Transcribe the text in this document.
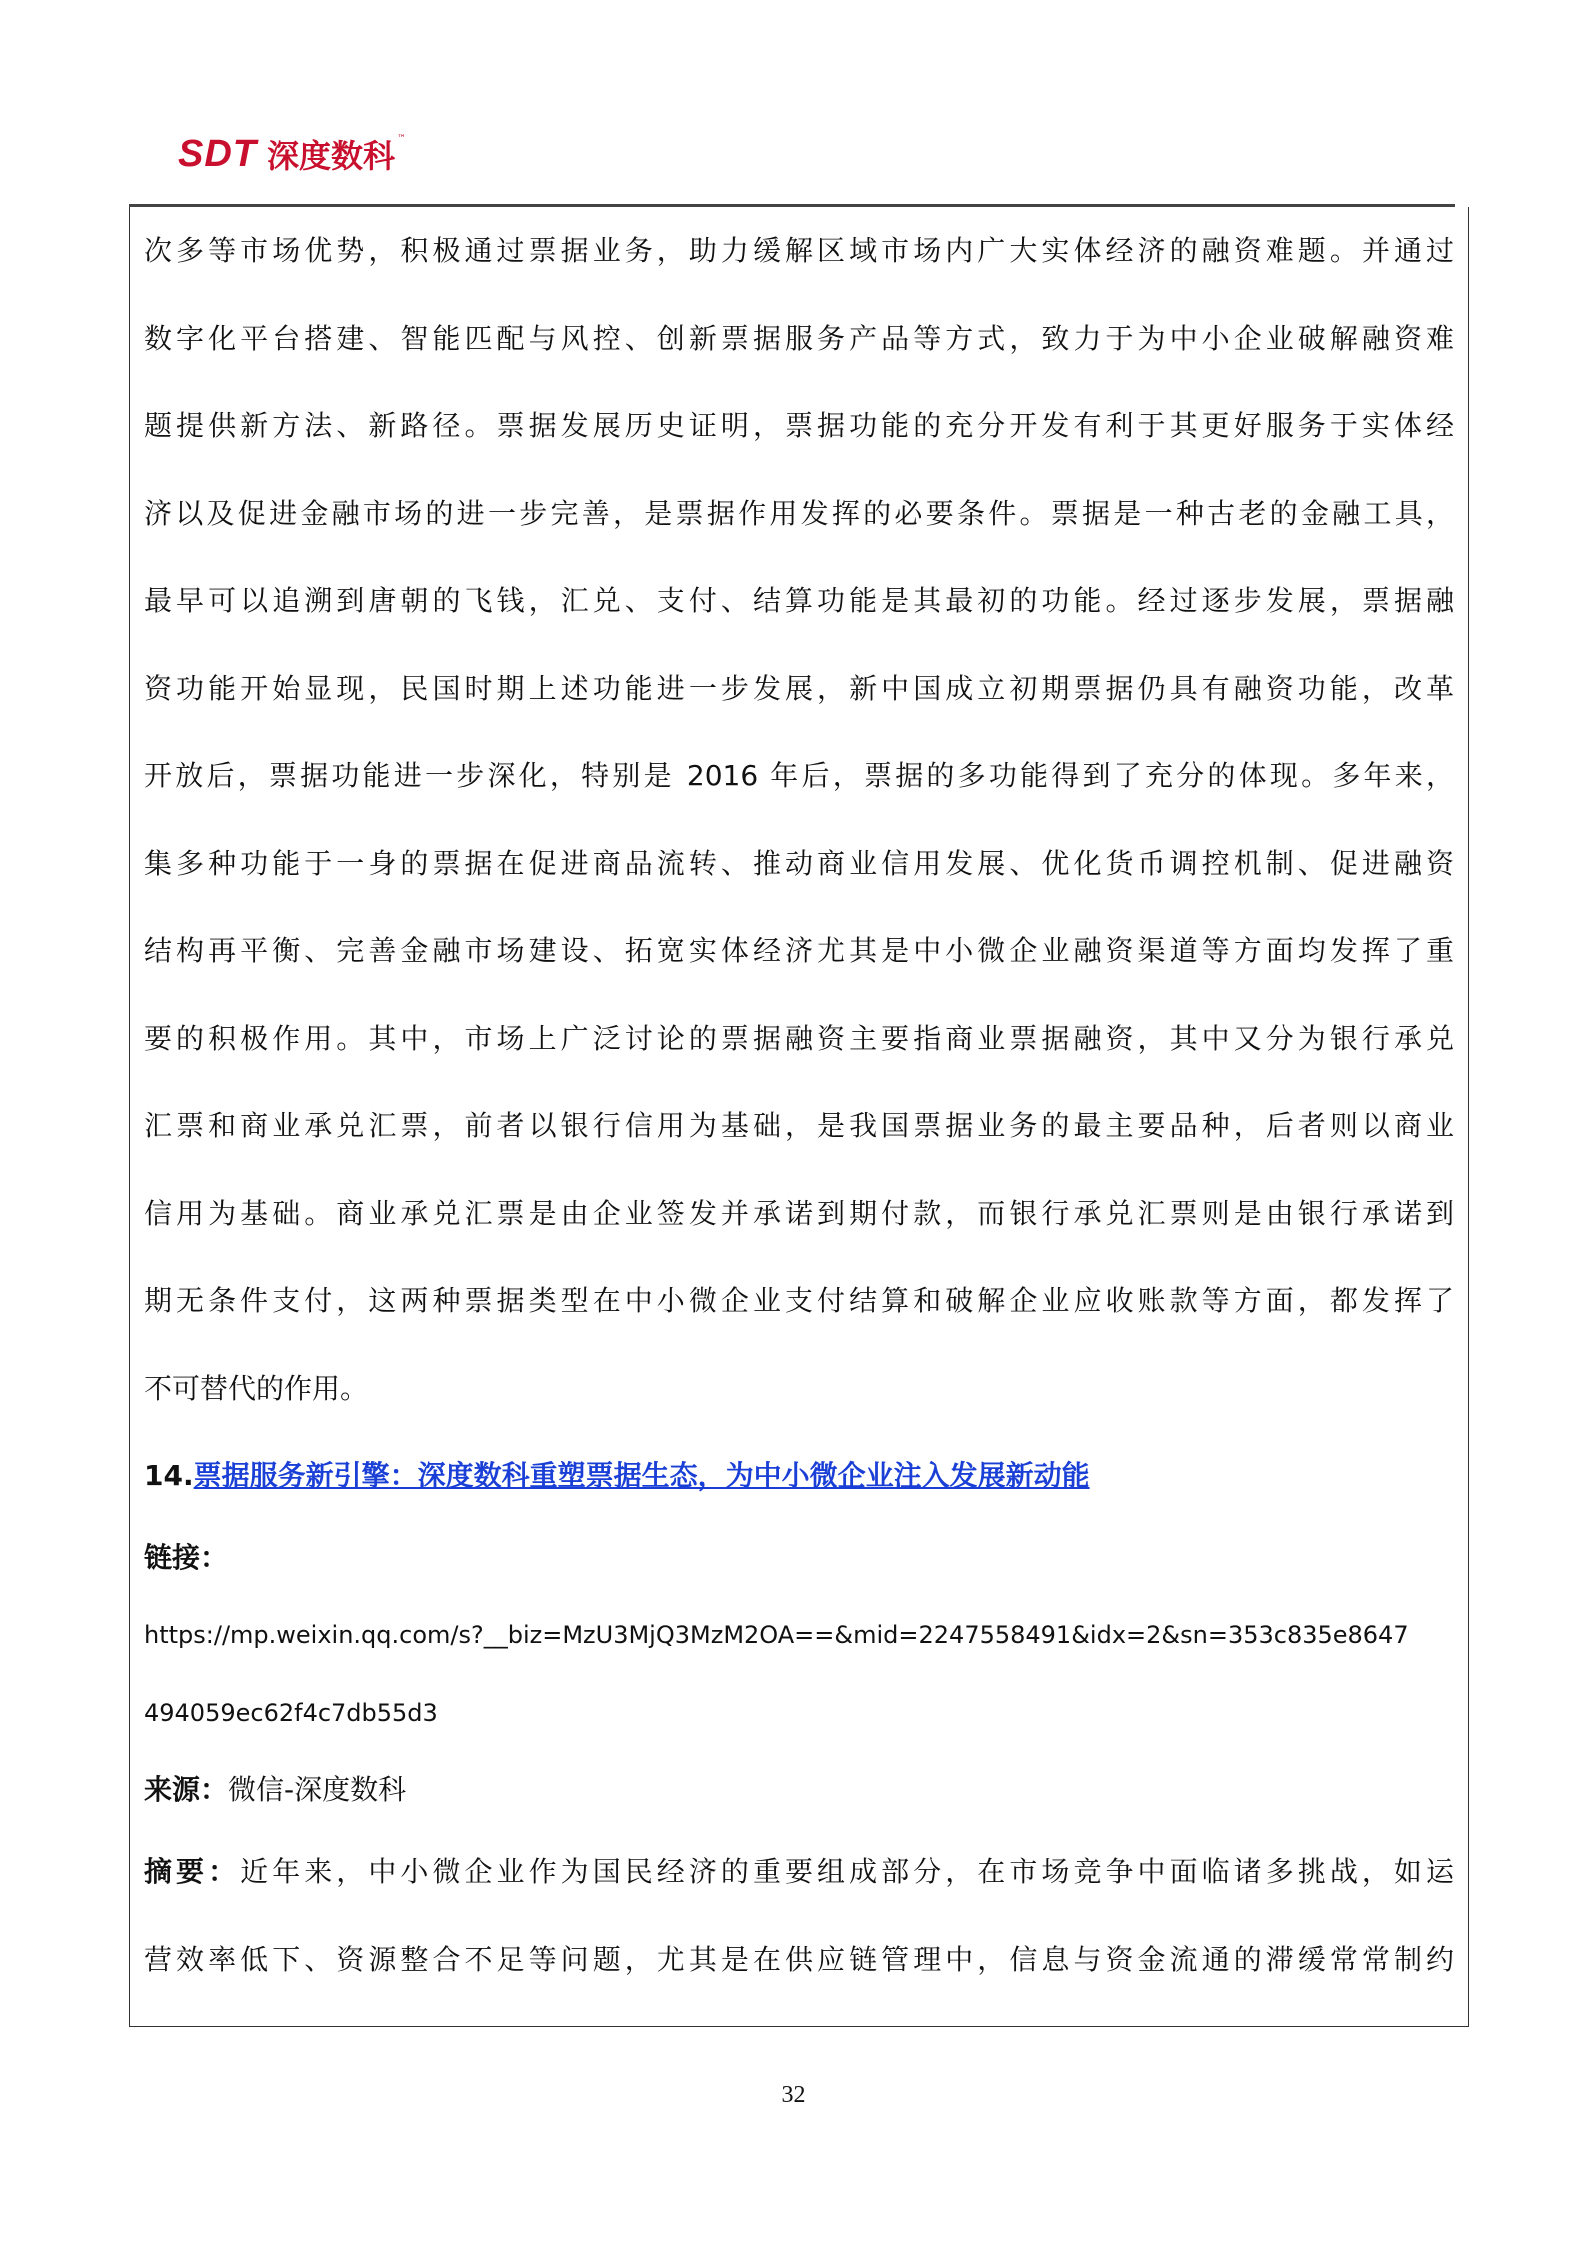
SDT 深度数科 ™
次多等市场优势，积极通过票据业务，助力缓解区域市场内广大实体经济的融资难题。并通过
数字化平台搭建、智能匹配与风控、创新票据服务产品等方式，致力于为中小企业破解融资难
题提供新方法、新路径。票据发展历史证明，票据功能的充分开发有利于其更好服务于实体经
济以及促进金融市场的进一步完善，是票据作用发挥的必要条件。票据是一种古老的金融工具，
最早可以追溯到唐朝的飞钱，汇兑、支付、结算功能是其最初的功能。经过逐步发展，票据融
资功能开始显现，民国时期上述功能进一步发展，新中国成立初期票据仍具有融资功能，改革
开放后，票据功能进一步深化，特别是 2016 年后，票据的多功能得到了充分的体现。多年来，
集多种功能于一身的票据在促进商品流转、推动商业信用发展、优化货币调控机制、促进融资
结构再平衡、完善金融市场建设、拓宽实体经济尤其是中小微企业融资渠道等方面均发挥了重
要的积极作用。其中，市场上广泛讨论的票据融资主要指商业票据融资，其中又分为银行承兑
汇票和商业承兑汇票，前者以银行信用为基础，是我国票据业务的最主要品种，后者则以商业
信用为基础。商业承兑汇票是由企业签发并承诺到期付款，而银行承兑汇票则是由银行承诺到
期无条件支付，这两种票据类型在中小微企业支付结算和破解企业应收账款等方面，都发挥了
不可替代的作用。
14.票据服务新引擎：深度数科重塑票据生态，为中小微企业注入发展新动能
链接：
https://mp.weixin.qq.com/s?__biz=MzU3MjQ3MzM2OA==&mid=2247558491&idx=2&sn=353c835e8647
494059ec62f4c7db55d3
来源：微信-深度数科
摘要：近年来，中小微企业作为国民经济的重要组成部分，在市场竞争中面临诸多挑战，如运
营效率低下、资源整合不足等问题，尤其是在供应链管理中，信息与资金流通的滞缓常常制约
32
